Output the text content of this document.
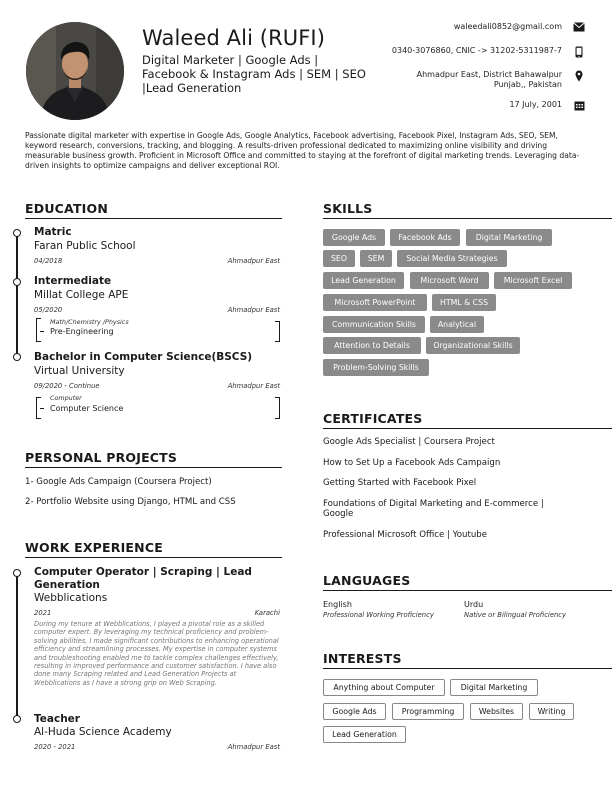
Waleed Ali (RUFI)
Digital Marketer | Google Ads | Facebook & Instagram Ads | SEM | SEO |Lead Generation
waleedali0852@gmail.com
0340-3076860, CNIC -> 31202-5311987-7
Ahmadpur East, District Bahawalpur Punjab,, Pakistan
17 July, 2001
Passionate digital marketer with expertise in Google Ads, Google Analytics, Facebook advertising, Facebook Pixel, Instagram Ads, SEO, SEM, keyword research, conversions, tracking, and blogging. A results-driven professional dedicated to maximizing online visibility and driving measurable business growth. Proficient in Microsoft Office and committed to staying at the forefront of digital marketing trends. Leveraging data-driven insights to optimize campaigns and deliver exceptional ROI.
EDUCATION
Matric
Faran Public School
04/2018	Ahmadpur East
Intermediate
Millat College APE
05/2020	Ahmadpur East
Math/Chemistry /Physics
Pre-Engineering
Bachelor in Computer Science(BSCS)
Virtual University
09/2020 - Continue	Ahmadpur East
Computer
Computer Science
PERSONAL PROJECTS
1- Google Ads Campaign (Coursera Project)
2- Portfolio Website using Django, HTML and CSS
WORK EXPERIENCE
Computer Operator | Scraping | Lead
Generation
Webblications
2021	Karachi
During my tenure at Webblications, I played a pivotal role as a skilled computer expert. By leveraging my technical proficiency and problem-solving abilities, I made significant contributions to enhancing operational efficiency and streamlining processes. My expertise in computer systems and troubleshooting enabled me to tackle complex challenges effectively, resulting in improved performance and customer satisfaction. I have also done many Scraping related and Lead Generation Projects at Webblications as I have a strong grip on Web Scraping.
Teacher
Al-Huda Science Academy
2020 - 2021	Ahmadpur East
SKILLS
Google Ads	Facebook Ads	Digital Marketing
SEO	SEM	Social Media Strategies
Lead Generation	Microsoft Word	Microsoft Excel
Microsoft PowerPoint	HTML & CSS
Communication Skills	Analytical
Attention to Details	Organizational Skills
Problem-Solving Skills
CERTIFICATES
Google Ads Specialist | Coursera Project
How to Set Up a Facebook Ads Campaign
Getting Started with Facebook Pixel
Foundations of Digital Marketing and E-commerce | Google
Professional Microsoft Office | Youtube
LANGUAGES
English
Professional Working Proficiency
Urdu
Native or Bilingual Proficiency
INTERESTS
Anything about Computer	Digital Marketing
Google Ads	Programming	Websites	Writing
Lead Generation
